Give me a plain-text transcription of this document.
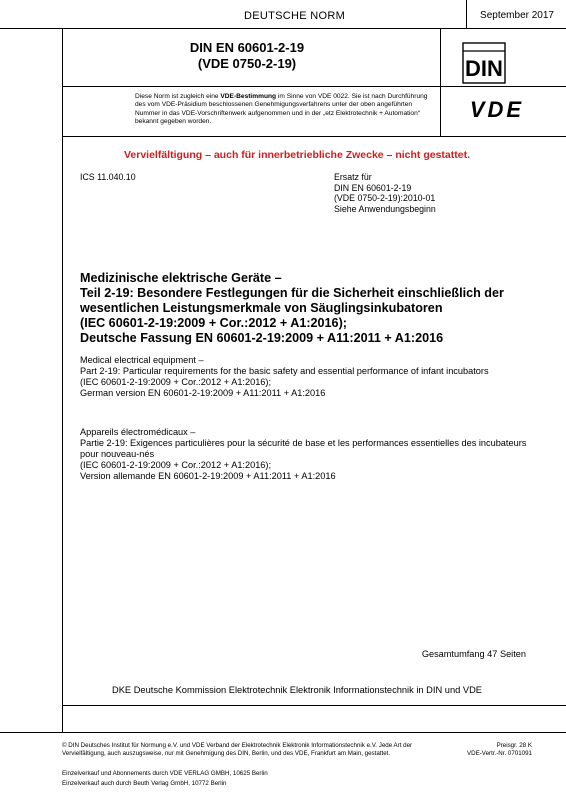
DEUTSCHE NORM	September 2017
DIN EN 60601-2-19
(VDE 0750-2-19)	DIN
Diese Norm ist zugleich eine VDE-Bestimmung im Sinne von VDE 0022. Sie ist nach Durchführung des vom VDE-Präsidium beschlossenen Genehmigungsverfahrens unter der oben angeführten Nummer in das VDE-Vorschriftenwerk aufgenommen und in der „etz Elektrotechnik + Automation“ bekannt gegeben worden.	VDE
Vervielfältigung – auch für innerbetriebliche Zwecke – nicht gestattet.
ICS 11.040.10	Ersatz für
DIN EN 60601-2-19
(VDE 0750-2-19):2010-01
Siehe Anwendungsbeginn
Medizinische elektrische Geräte –
Teil 2-19: Besondere Festlegungen für die Sicherheit einschließlich der wesentlichen Leistungsmerkmale von Säuglingsinkubatoren
(IEC 60601-2-19:2009 + Cor.:2012 + A1:2016);
Deutsche Fassung EN 60601-2-19:2009 + A11:2011 + A1:2016
Medical electrical equipment –
Part 2-19: Particular requirements for the basic safety and essential performance of infant incubators
(IEC 60601-2-19:2009 + Cor.:2012 + A1:2016);
German version EN 60601-2-19:2009 + A11:2011 + A1:2016
Appareils électromédicaux –
Partie 2-19: Exigences particulières pour la sécurité de base et les performances essentielles des incubateurs pour nouveau-nés
(IEC 60601-2-19:2009 + Cor.:2012 + A1:2016);
Version allemande EN 60601-2-19:2009 + A11:2011 + A1:2016
Gesamtumfang 47 Seiten
DKE Deutsche Kommission Elektrotechnik Elektronik Informationstechnik in DIN und VDE
© DIN Deutsches Institut für Normung e.V. und VDE Verband der Elektrotechnik Elektronik Informationstechnik e.V. Jede Art der Vervielfältigung, auch auszugsweise, nur mit Genehmigung des DIN, Berlin, und des VDE, Frankfurt am Main, gestattet.
Preisgr. 28 K
VDE-Vertr.-Nr. 0701091
Einzelverkauf und Abonnements durch VDE VERLAG GMBH, 10625 Berlin
Einzelverkauf auch durch Beuth Verlag GmbH, 10772 Berlin
